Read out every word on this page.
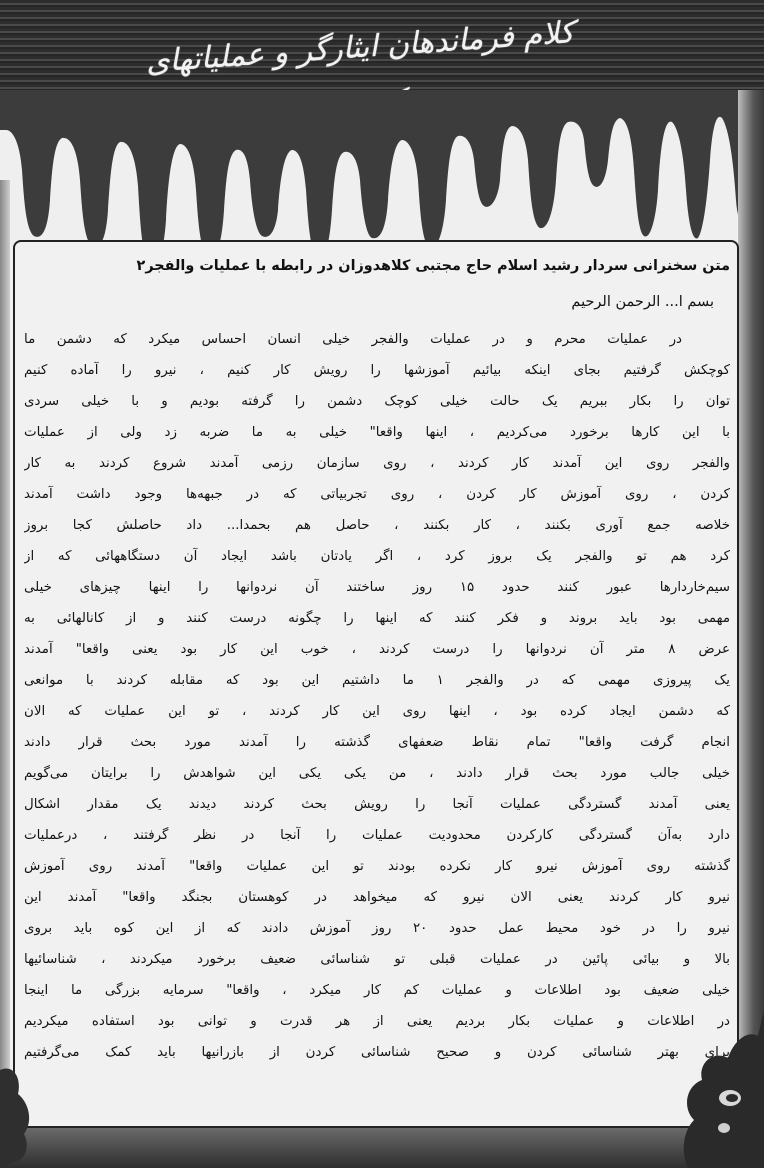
کلام فرماندهان ایثارگر و عملیاتهای
متن سخنرانی سردار رشید اسلام حاج مجتبی کلاهدوزان در رابطه با عملیات والفجر۲
بسم ا... الرحمن الرحیم
در عملیات محرم و در عملیات والفجر خیلی انسان احساس میکرد که دشمن ما
کوچکش گرفتیم بجای اینکه بیائیم آموزشها را رویش کار کنیم ، نیرو را آماده کنیم
توان را بکار ببریم یک حالت خیلی کوچک دشمن را گرفته بودیم و با خیلی سردی
با این کارها برخورد می‌کردیم ، اینها واقعا" خیلی به ما ضربه زد ولی از عملیات
والفجر روی این آمدند کار کردند ، روی سازمان رزمی آمدند شروع کردند به کار
کردن ، روی آموزش کار کردن ، روی تجربیاتی که در جبهه‌ها وجود داشت آمدند
خلاصه جمع آوری بکنند ، کار بکنند ، حاصل هم بحمدا... داد حاصلش کجا بروز
کرد هم تو والفجر یک بروز کرد ، اگر یادتان باشد ایجاد آن دستگاههائی که از
سیم‌خاردارها عبور کنند حدود ۱۵ روز ساختند آن نردوانها را اینها چیزهای خیلی
مهمی بود باید بروند و فکر کنند که اینها را چگونه درست کنند و از کانالهائی به
عرض ۸ متر آن نردوانها را درست کردند ، خوب این کار بود یعنی واقعا" آمدند
یک پیروزی مهمی که در والفجر ۱ ما داشتیم این بود که مقابله کردند با موانعی
که دشمن ایجاد کرده بود ، اینها روی این کار کردند ، تو این عملیات که الان
انجام گرفت واقعا" تمام نقاط ضعفهای گذشته را آمدند مورد بحث قرار دادند
خیلی جالب مورد بحث قرار دادند ، من یکی یکی این شواهدش را برایتان می‌گویم
یعنی آمدند گستردگی عملیات آنجا را رویش بحث کردند دیدند یک مقدار اشکال
دارد به‌آن گستردگی کارکردن محدودیت عملیات را آنجا در نظر گرفتند ، درعملیات
گذشته روی آموزش نیرو کار نکرده بودند تو این عملیات واقعا" آمدند روی آموزش
نیرو کار کردند یعنی الان نیرو که میخواهد در کوهستان بجنگد واقعا" آمدند این
نیرو را در خود محیط عمل حدود ۲۰ روز آموزش دادند که از این کوه باید بروی
بالا و بیائی پائین در عملیات قبلی تو شناسائی ضعیف برخورد میکردند ، شناسائیها
خیلی ضعیف بود اطلاعات و عملیات کم کار میکرد ، واقعا" سرمایه بزرگی ما اینجا
در اطلاعات و عملیات بکار بردیم یعنی از هر قدرت و توانی بود استفاده میکردیم
برای بهتر شناسائی کردن و صحیح شناسائی کردن از بازرانیها باید کمک می‌گرفتیم
